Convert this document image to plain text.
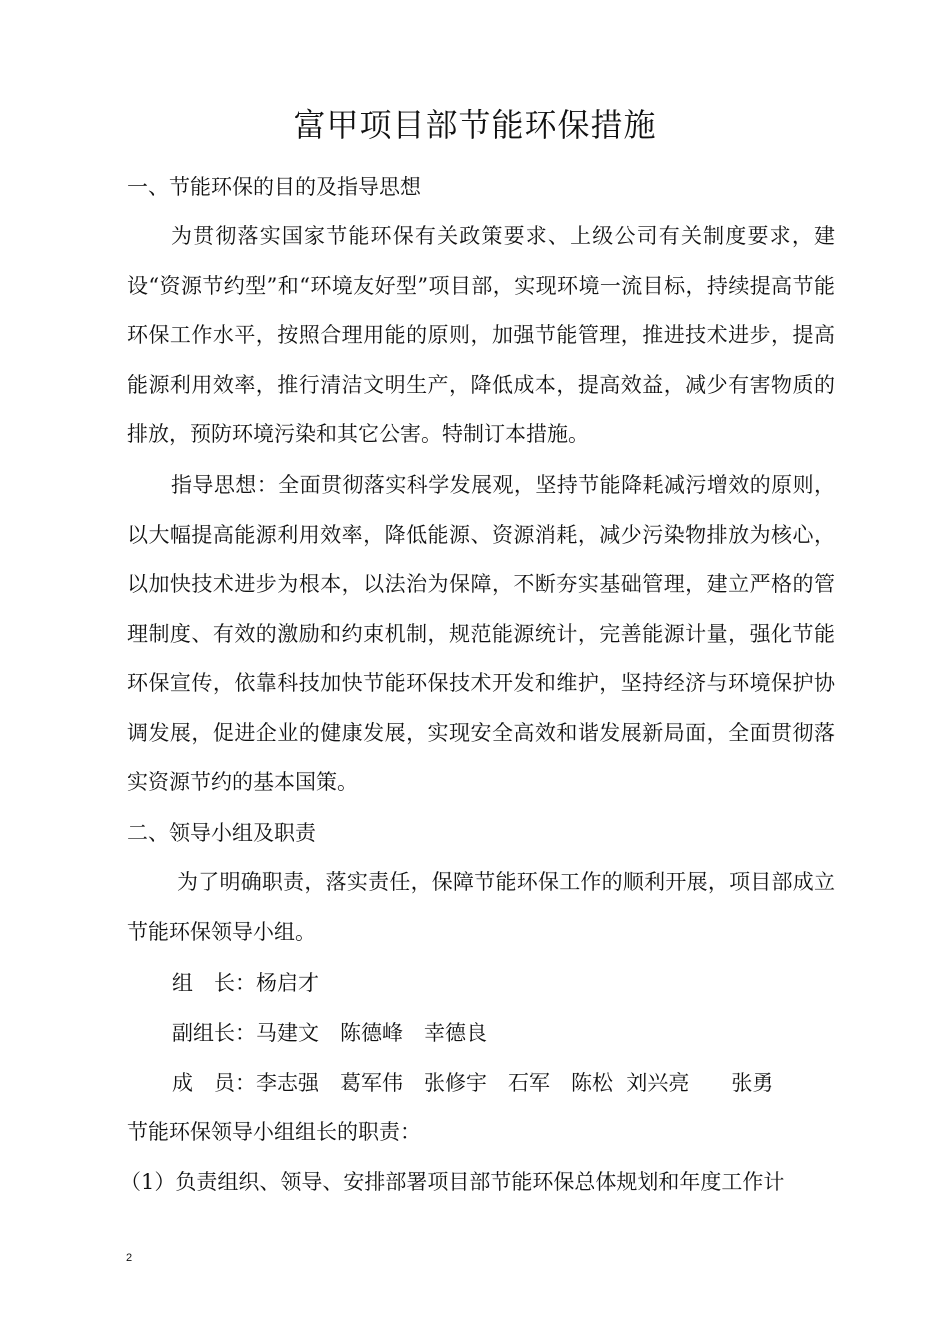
富甲项目部节能环保措施
一、节能环保的目的及指导思想

为贯彻落实国家节能环保有关政策要求、上级公司有关制度要求，建设“资源节约型”和“环境友好型”项目部，实现环境一流目标，持续提高节能环保工作水平，按照合理用能的原则，加强节能管理，推进技术进步，提高能源利用效率，推行清洁文明生产，降低成本，提高效益，减少有害物质的排放，预防环境污染和其它公害。特制订本措施。

指导思想：全面贯彻落实科学发展观，坚持节能降耗减污增效的原则，以大幅提高能源利用效率，降低能源、资源消耗，减少污染物排放为核心，以加快技术进步为根本，以法治为保障，不断夯实基础管理，建立严格的管理制度、有效的激励和约束机制，规范能源统计，完善能源计量，强化节能环保宣传，依靠科技加快节能环保技术开发和维护，坚持经济与环境保护协调发展，促进企业的健康发展，实现安全高效和谐发展新局面，全面贯彻落实资源节约的基本国策。

二、领导小组及职责

为了明确职责，落实责任，保障节能环保工作的顺利开展，项目部成立节能环保领导小组。

组　长：杨启才

副组长：马建文　陈德峰　幸德良

成　员：李志强　葛军伟　张修宇　石军　陈松  刘兴亮　　张勇

节能环保领导小组组长的职责：

（1）负责组织、领导、安排部署项目部节能环保总体规划和年度工作计

2
